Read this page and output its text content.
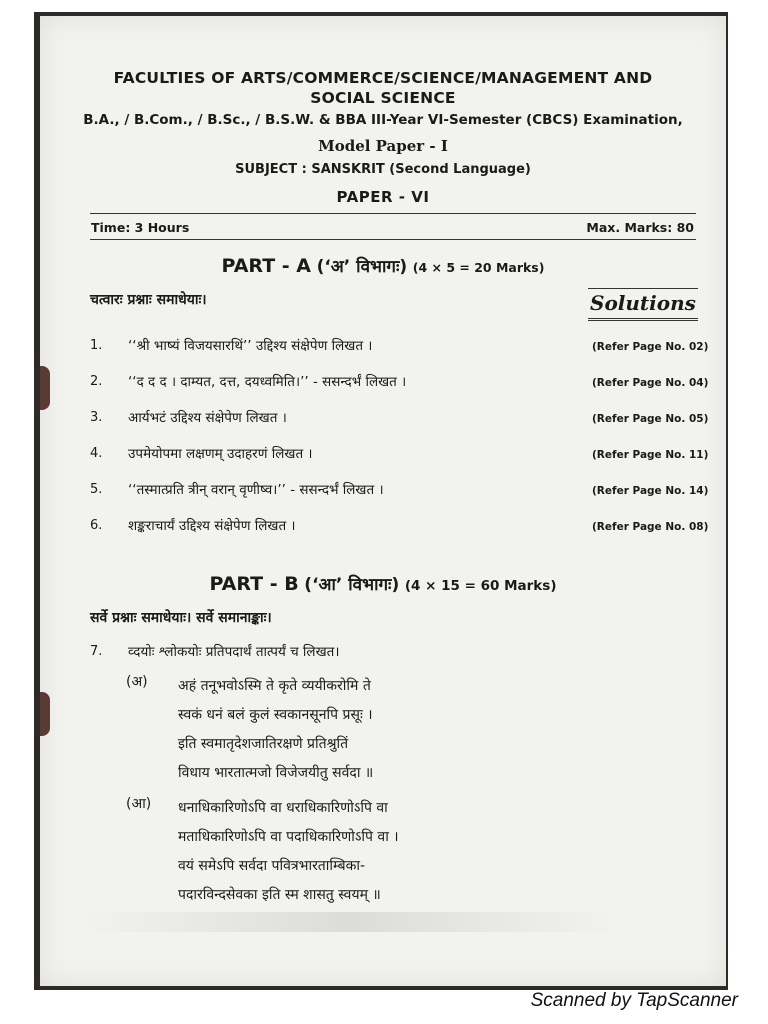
FACULTIES OF ARTS/COMMERCE/SCIENCE/MANAGEMENT AND SOCIAL SCIENCE
B.A., / B.Com., / B.Sc., / B.S.W. & BBA III-Year VI-Semester (CBCS) Examination,
Model Paper - I
SUBJECT : SANSKRIT (Second Language)
PAPER - VI
Time: 3 Hours	Max. Marks: 80
PART - A (‘अ’ विभागः) (4 × 5 = 20 Marks)
चत्वारः प्रश्नाः समाधेयाः।	Solutions
1. ‘‘श्री भाष्यं विजयसारथिं’’ उद्दिश्य संक्षेपेण लिखत ।	(Refer Page No. 02)
2. ‘‘द द द । दाम्यत, दत्त, दयध्वमिति।’’ - ससन्दर्भं लिखत ।	(Refer Page No. 04)
3. आर्यभटं उद्दिश्य संक्षेपेण लिखत ।	(Refer Page No. 05)
4. उपमेयोपमा लक्षणम् उदाहरणं लिखत ।	(Refer Page No. 11)
5. ‘‘तस्मात्प्रति त्रीन् वरान् वृणीष्व।’’ - ससन्दर्भं लिखत ।	(Refer Page No. 14)
6. शङ्कराचार्यं उद्दिश्य संक्षेपेण लिखत ।	(Refer Page No. 08)
PART - B (‘आ’ विभागः) (4 × 15 = 60 Marks)
सर्वे प्रश्नाः समाधेयाः। सर्वे समानाङ्काः।
7. व्दयोः श्लोकयोः प्रतिपदार्थं तात्पर्यं च लिखत।
(अ) अहं तनूभवोऽस्मि ते कृते व्ययीकरोमि ते
स्वकं धनं बलं कुलं स्वकानसूनपि प्रसूः ।
इति स्वमातृदेशजातिरक्षणे प्रतिश्रुतिं
विधाय भारतात्मजो विजेजयीतु सर्वदा ॥
(आ) धनाधिकारिणोऽपि वा धराधिकारिणोऽपि वा
मताधिकारिणोऽपि वा पदाधिकारिणोऽपि वा ।
वयं समेऽपि सर्वदा पवित्रभारताम्बिका-
पदारविन्दसेवका इति स्म शासतु स्वयम् ॥
Scanned by TapScanner
